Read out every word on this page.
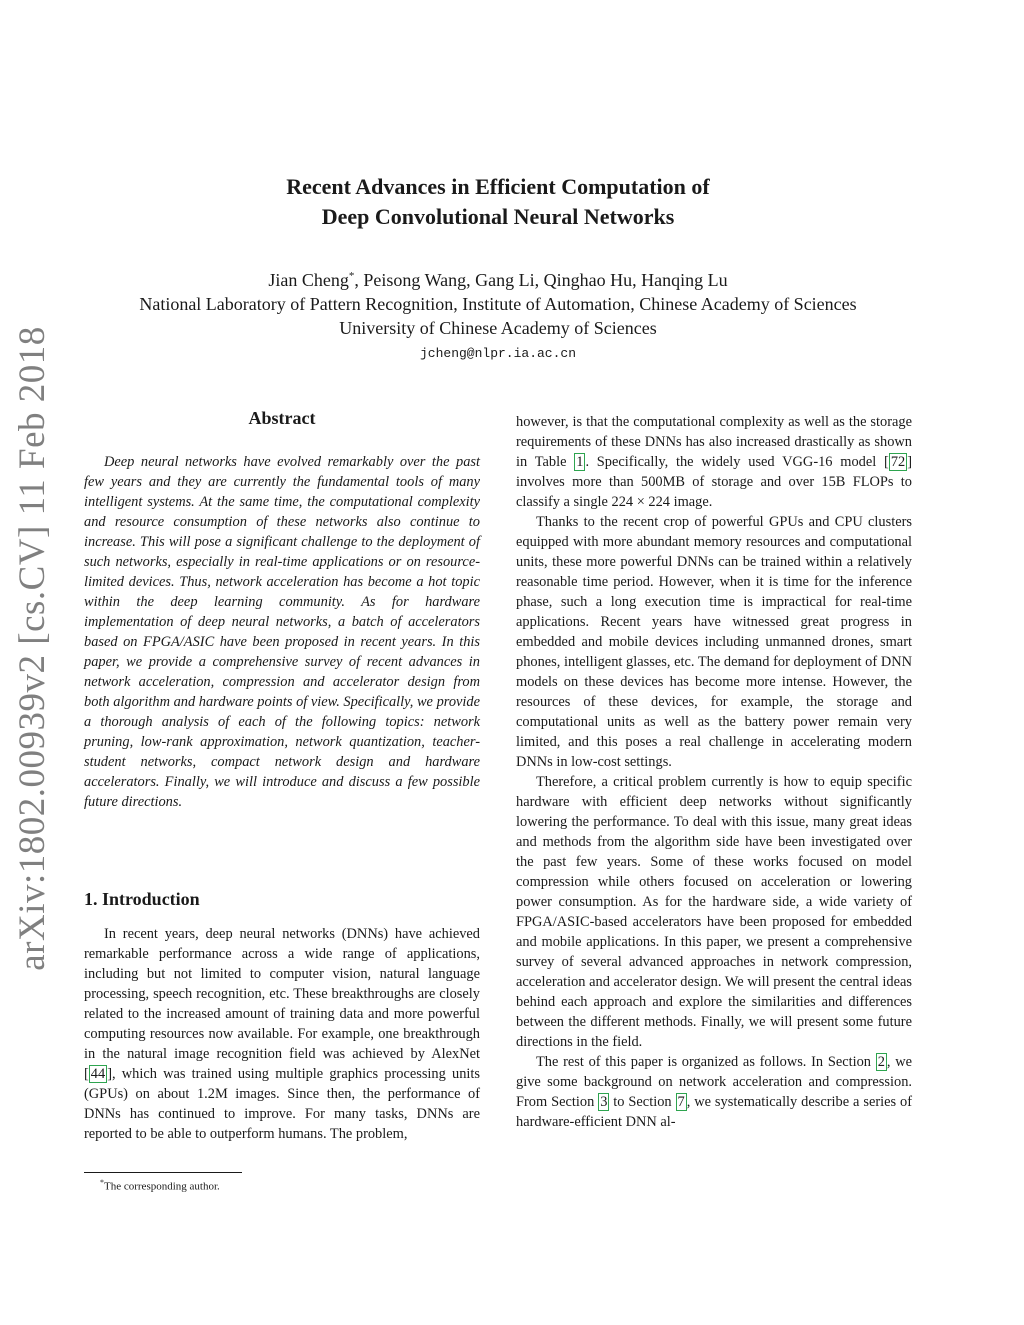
arXiv:1802.00939v2 [cs.CV] 11 Feb 2018
Recent Advances in Efficient Computation of
Deep Convolutional Neural Networks
Jian Cheng*, Peisong Wang, Gang Li, Qinghao Hu, Hanqing Lu
National Laboratory of Pattern Recognition, Institute of Automation, Chinese Academy of Sciences
University of Chinese Academy of Sciences
jcheng@nlpr.ia.ac.cn
Abstract

Deep neural networks have evolved remarkably over the past few years and they are currently the fundamental tools of many intelligent systems. At the same time, the computational complexity and resource consumption of these networks also continue to increase. This will pose a significant challenge to the deployment of such networks, especially in real-time applications or on resource-limited devices. Thus, network acceleration has become a hot topic within the deep learning community. As for hardware implementation of deep neural networks, a batch of accelerators based on FPGA/ASIC have been proposed in recent years. In this paper, we provide a comprehensive survey of recent advances in network acceleration, compression and accelerator design from both algorithm and hardware points of view. Specifically, we provide a thorough analysis of each of the following topics: network pruning, low-rank approximation, network quantization, teacher-student networks, compact network design and hardware accelerators. Finally, we will introduce and discuss a few possible future directions.

1. Introduction

In recent years, deep neural networks (DNNs) have achieved remarkable performance across a wide range of applications, including but not limited to computer vision, natural language processing, speech recognition, etc. These breakthroughs are closely related to the increased amount of training data and more powerful computing resources now available. For example, one breakthrough in the natural image recognition field was achieved by AlexNet [ 44 ], which was trained using multiple graphics processing units (GPUs) on about 1.2M images. Since then, the performance of DNNs has continued to improve. For many tasks, DNNs are reported to be able to outperform humans. The problem,

*The corresponding author.

however, is that the computational complexity as well as the storage requirements of these DNNs has also increased drastically as shown in Table 1 . Specifically, the widely used VGG-16 model [ 72 ] involves more than 500MB of storage and over 15B FLOPs to classify a single 224 × 224 image.

Thanks to the recent crop of powerful GPUs and CPU clusters equipped with more abundant memory resources and computational units, these more powerful DNNs can be trained within a relatively reasonable time period. However, when it is time for the inference phase, such a long execution time is impractical for real-time applications. Recent years have witnessed great progress in embedded and mobile devices including unmanned drones, smart phones, intelligent glasses, etc. The demand for deployment of DNN models on these devices has become more intense. However, the resources of these devices, for example, the storage and computational units as well as the battery power remain very limited, and this poses a real challenge in accelerating modern DNNs in low-cost settings.

Therefore, a critical problem currently is how to equip specific hardware with efficient deep networks without significantly lowering the performance. To deal with this issue, many great ideas and methods from the algorithm side have been investigated over the past few years. Some of these works focused on model compression while others focused on acceleration or lowering power consumption. As for the hardware side, a wide variety of FPGA/ASIC-based accelerators have been proposed for embedded and mobile applications. In this paper, we present a comprehensive survey of several advanced approaches in network compression, acceleration and accelerator design. We will present the central ideas behind each approach and explore the similarities and differences between the different methods. Finally, we will present some future directions in the field.

The rest of this paper is organized as follows. In Section 2 , we give some background on network acceleration and compression. From Section 3 to Section 7 , we systematically describe a series of hardware-efficient DNN al-
